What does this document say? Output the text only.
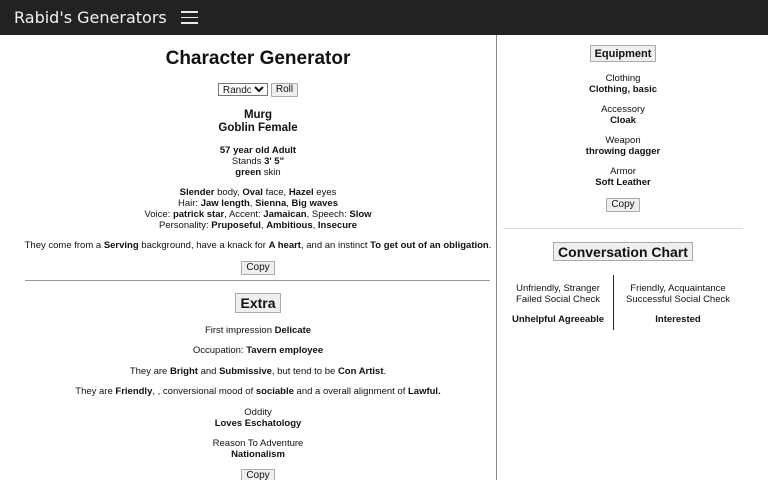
Rabid's Generators
Character Generator
Random
Roll
Murg
Goblin Female
57 year old Adult
Stands 3' 5"
green skin
Slender body, Oval face, Hazel eyes
Hair: Jaw length, Sienna, Big waves
Voice: patrick star, Accent: Jamaican, Speech: Slow
Personality: Pruposeful, Ambitious, Insecure
They come from a Serving background, have a knack for A heart, and an instinct To get out of an obligation.
Copy
Extra
First impression Delicate
Occupation: Tavern employee
They are Bright and Submissive, but tend to be Con Artist.
They are Friendly, , conversional mood of sociable and a overall alignment of Lawful.
Oddity
Loves Eschatology
Reason To Adventure
Nationalism
Copy
Equipment
Clothing
Clothing, basic
Accessory
Cloak
Weapon
throwing dagger
Armor
Soft Leather
Copy
Conversation Chart
Unfriendly, Stranger
Failed Social Check
Unhelpful Agreeable
Friendly, Acquaintance
Successful Social Check
Interested
